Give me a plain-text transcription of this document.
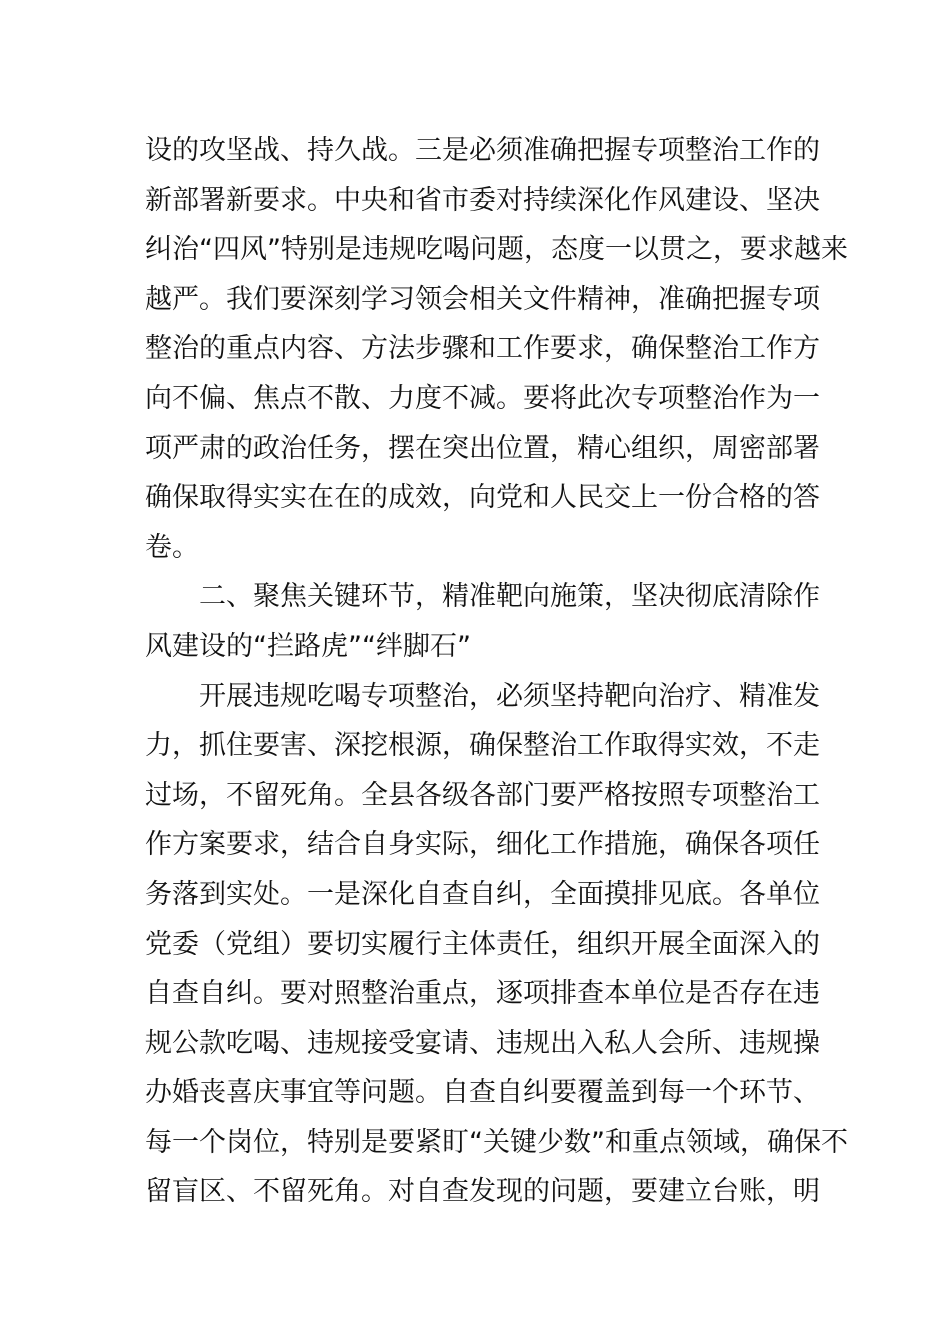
设的攻坚战、持久战。三是必须准确把握专项整治工作的
新部署新要求。中央和省市委对持续深化作风建设、坚决
纠治“四风”特别是违规吃喝问题，态度一以贯之，要求越来
越严。我们要深刻学习领会相关文件精神，准确把握专项
整治的重点内容、方法步骤和工作要求，确保整治工作方
向不偏、焦点不散、力度不减。要将此次专项整治作为一
项严肃的政治任务，摆在突出位置，精心组织，周密部署
确保取得实实在在的成效，向党和人民交上一份合格的答
卷。
二、聚焦关键环节，精准靶向施策，坚决彻底清除作
风建设的“拦路虎”“绊脚石”
开展违规吃喝专项整治，必须坚持靶向治疗、精准发
力，抓住要害、深挖根源，确保整治工作取得实效，不走
过场，不留死角。全县各级各部门要严格按照专项整治工
作方案要求，结合自身实际，细化工作措施，确保各项任
务落到实处。一是深化自查自纠，全面摸排见底。各单位
党委（党组）要切实履行主体责任，组织开展全面深入的
自查自纠。要对照整治重点，逐项排查本单位是否存在违
规公款吃喝、违规接受宴请、违规出入私人会所、违规操
办婚丧喜庆事宜等问题。自查自纠要覆盖到每一个环节、
每一个岗位，特别是要紧盯“关键少数”和重点领域，确保不
留盲区、不留死角。对自查发现的问题，要建立台账，明
